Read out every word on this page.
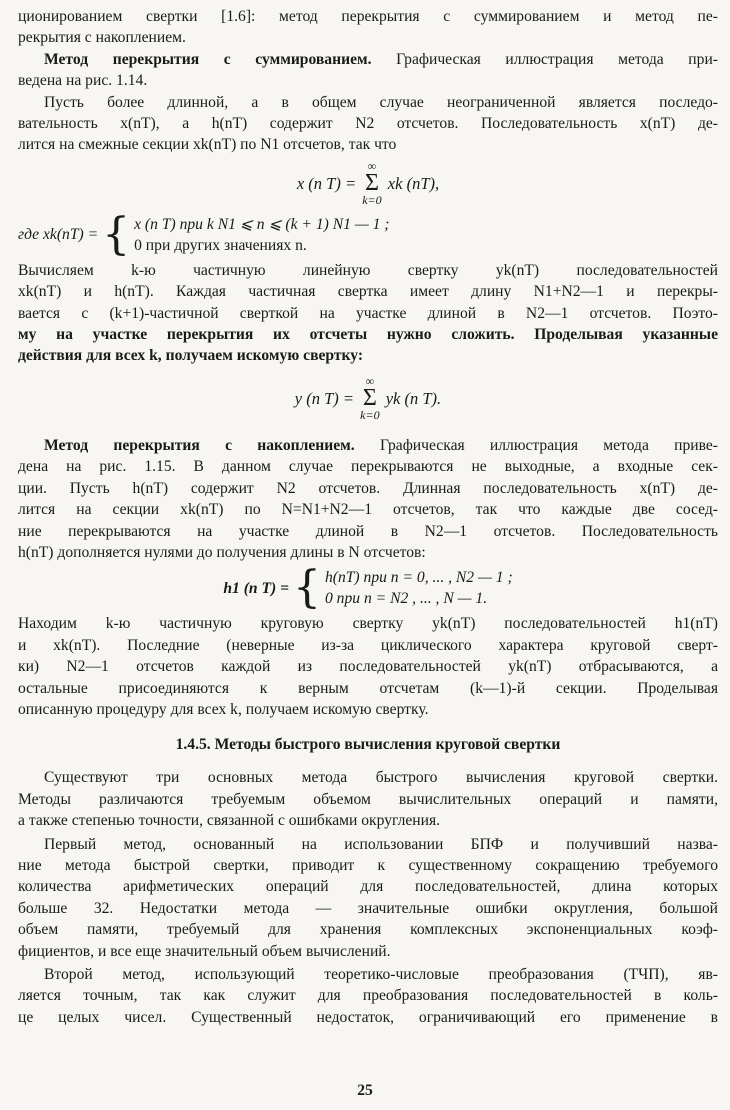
ционированием свертки [1.6]: метод перекрытия с суммированием и метод пе-
рекрытия с накоплением.
Метод перекрытия с суммированием. Графическая иллюстрация метода при-
ведена на рис. 1.14.
Пусть более длинной, а в общем случае неограниченной является последо-
вательность x(nT), а h(nT) содержит N2 отсчетов. Последовательность x(nT) де-
лится на смежные секции xk(nT) по N1 отсчетов, так что
x (n T) =
∞
Σ
k=0
xk (nT),
где xk(nT) = { x (n T) при k N1 ⩽ n ⩽ (k + 1) N1 — 1 ;
0 при других значениях n.
Вычисляем k-ю частичную линейную свертку yk(nT) последовательностей
xk(nT) и h(nT). Каждая частичная свертка имеет длину N1+N2—1 и перекры-
вается с (k+1)-частичной сверткой на участке длиной в N2—1 отсчетов. Поэто-
му на участке перекрытия их отсчеты нужно сложить. Проделывая указанные
действия для всех k, получаем искомую свертку:
y (n T) =
∞
Σ
k=0
yk (n T).
Метод перекрытия с накоплением. Графическая иллюстрация метода приве-
дена на рис. 1.15. В данном случае перекрываются не выходные, а входные сек-
ции. Пусть h(nT) содержит N2 отсчетов. Длинная последовательность x(nT) де-
лится на секции xk(nT) по N=N1+N2—1 отсчетов, так что каждые две сосед-
ние перекрываются на участке длиной в N2—1 отсчетов. Последовательность
h(nT) дополняется нулями до получения длины в N отсчетов:
h1 (n T) = { h(nT) при n = 0, ... , N2 — 1 ;
0 при n = N2 , ... , N — 1.
Находим k-ю частичную круговую свертку yk(nT) последовательностей h1(nT)
и xk(nT). Последние (неверные из-за циклического характера круговой сверт-
ки) N2—1 отсчетов каждой из последовательностей yk(nT) отбрасываются, а
остальные присоединяются к верным отсчетам (k—1)-й секции. Проделывая
описанную процедуру для всех k, получаем искомую свертку.
1.4.5. Методы быстрого вычисления круговой свертки
Существуют три основных метода быстрого вычисления круговой свертки.
Методы различаются требуемым объемом вычислительных операций и памяти,
а также степенью точности, связанной с ошибками округления.
Первый метод, основанный на использовании БПФ и получивший назва-
ние метода быстрой свертки, приводит к существенному сокращению требуемого
количества арифметических операций для последовательностей, длина которых
больше 32. Недостатки метода — значительные ошибки округления, большой
объем памяти, требуемый для хранения комплексных экспоненциальных коэф-
фициентов, и все еще значительный объем вычислений.
Второй метод, использующий теоретико-числовые преобразования (ТЧП), яв-
ляется точным, так как служит для преобразования последовательностей в коль-
це целых чисел. Существенный недостаток, ограничивающий его применение в
25
